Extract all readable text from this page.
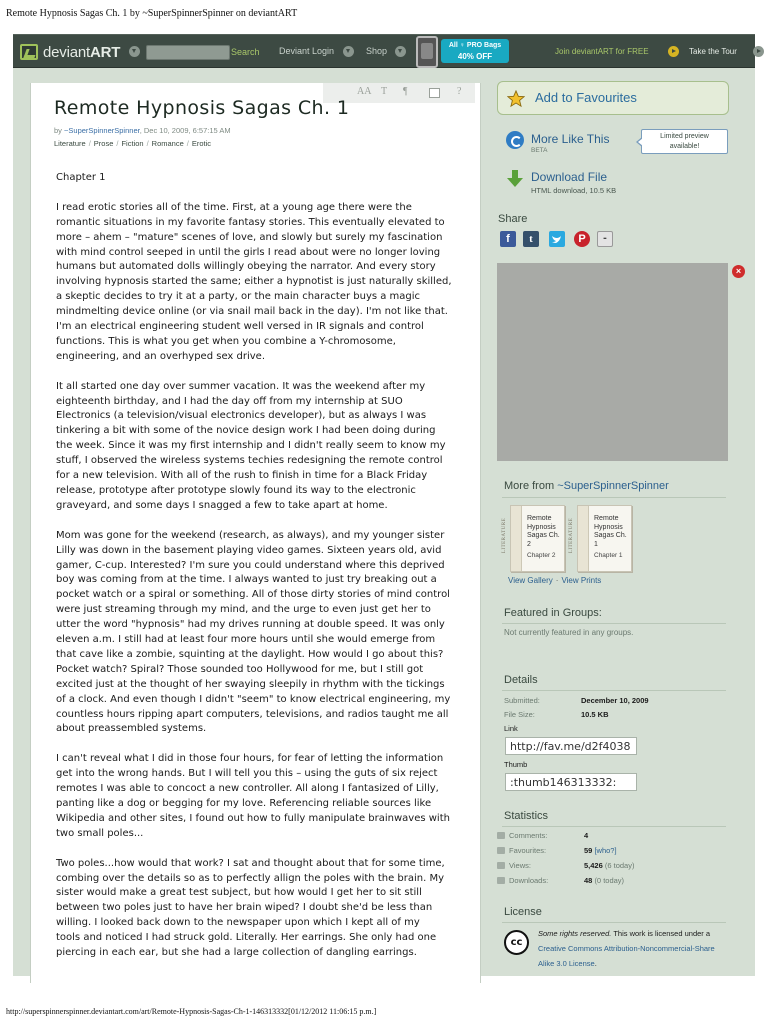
Remote Hypnosis Sagas Ch. 1 by ~SuperSpinnerSpinner on deviantART
deviantART	Search	Deviant Login	Shop
All ♀ PRO Bags
40% OFF
Join deviantART for FREE	Take the Tour
AA T ¶	?
Remote Hypnosis Sagas Ch. 1
by ~SuperSpinnerSpinner, Dec 10, 2009, 6:57:15 AM
Literature / Prose / Fiction / Romance / Erotic

Chapter 1

I read erotic stories all of the time. First, at a young age there were the
romantic situations in my favorite fantasy stories. This eventually elevated to
more – ahem – "mature" scenes of love, and slowly but surely my fascination
with mind control seeped in until the girls I read about were no longer loving
humans but automated dolls willingly obeying the narrator. And every story
involving hypnosis started the same; either a hypnotist is just naturally skilled,
a skeptic decides to try it at a party, or the main character buys a magic
mindmelting device online (or via snail mail back in the day). I'm not like that.
I'm an electrical engineering student well versed in IR signals and control
functions. This is what you get when you combine a Y-chromosome,
engineering, and an overhyped sex drive.

It all started one day over summer vacation. It was the weekend after my
eighteenth birthday, and I had the day off from my internship at SUO
Electronics (a television/visual electronics developer), but as always I was
tinkering a bit with some of the novice design work I had been doing during
the week. Since it was my first internship and I didn't really seem to know my
stuff, I observed the wireless systems techies redesigning the remote control
for a new television. With all of the rush to finish in time for a Black Friday
release, prototype after prototype slowly found its way to the electronic
graveyard, and some days I snagged a few to take apart at home.

Mom was gone for the weekend (research, as always), and my younger sister
Lilly was down in the basement playing video games. Sixteen years old, avid
gamer, C-cup. Interested? I'm sure you could understand where this deprived
boy was coming from at the time. I always wanted to just try breaking out a
pocket watch or a spiral or something. All of those dirty stories of mind control
were just streaming through my mind, and the urge to even just get her to
utter the word "hypnosis" had my drives running at double speed. It was only
eleven a.m. I still had at least four more hours until she would emerge from
that cave like a zombie, squinting at the daylight. How would I go about this?
Pocket watch? Spiral? Those sounded too Hollywood for me, but I still got
excited just at the thought of her swaying sleepily in rhythm with the tickings
of a clock. And even though I didn't "seem" to know electrical engineering, my
countless hours ripping apart computers, televisions, and radios taught me all
about preassembled systems.

I can't reveal what I did in those four hours, for fear of letting the information
get into the wrong hands. But I will tell you this – using the guts of six reject
remotes I was able to concoct a new controller. All along I fantasized of Lilly,
panting like a dog or begging for my love. Referencing reliable sources like
Wikipedia and other sites, I found out how to fully manipulate brainwaves with
two small poles...

Two poles...how would that work? I sat and thought about that for some time,
combing over the details so as to perfectly allign the poles with the brain. My
sister would make a great test subject, but how would I get her to sit still
between two poles just to have her brain wiped? I doubt she'd be less than
willing. I looked back down to the newspaper upon which I kept all of my
tools and noticed I had struck gold. Literally. Her earrings. She only had one
piercing in each ear, but she had a large collection of dangling earrings.

Add to Favourites
More Like This
BETA
Limited preview
available!
Download File
HTML download, 10.5 KB
Share
f	t	P	-
×
More from ~SuperSpinnerSpinner
LITERATURE	Remote Hypnosis Sagas Ch. 2
Chapter 2
LITERATURE	Remote Hypnosis Sagas Ch. 1
Chapter 1
View Gallery · View Prints
Featured in Groups:
Not currently featured in any groups.
Details
Submitted:	December 10, 2009
File Size:	10.5 KB
Link
http://fav.me/d2f4038
Thumb
:thumb146313332:
Statistics
Comments:	4
Favourites:	59 [who?]
Views:	5,426 (6 today)
Downloads:	48 (0 today)
License
cc
Some rights reserved. This work is licensed under a Creative Commons Attribution-Noncommercial-Share Alike 3.0 License.
http://superspinnerspinner.deviantart.com/art/Remote-Hypnosis-Sagas-Ch-1-146313332[01/12/2012 11:06:15 p.m.]
